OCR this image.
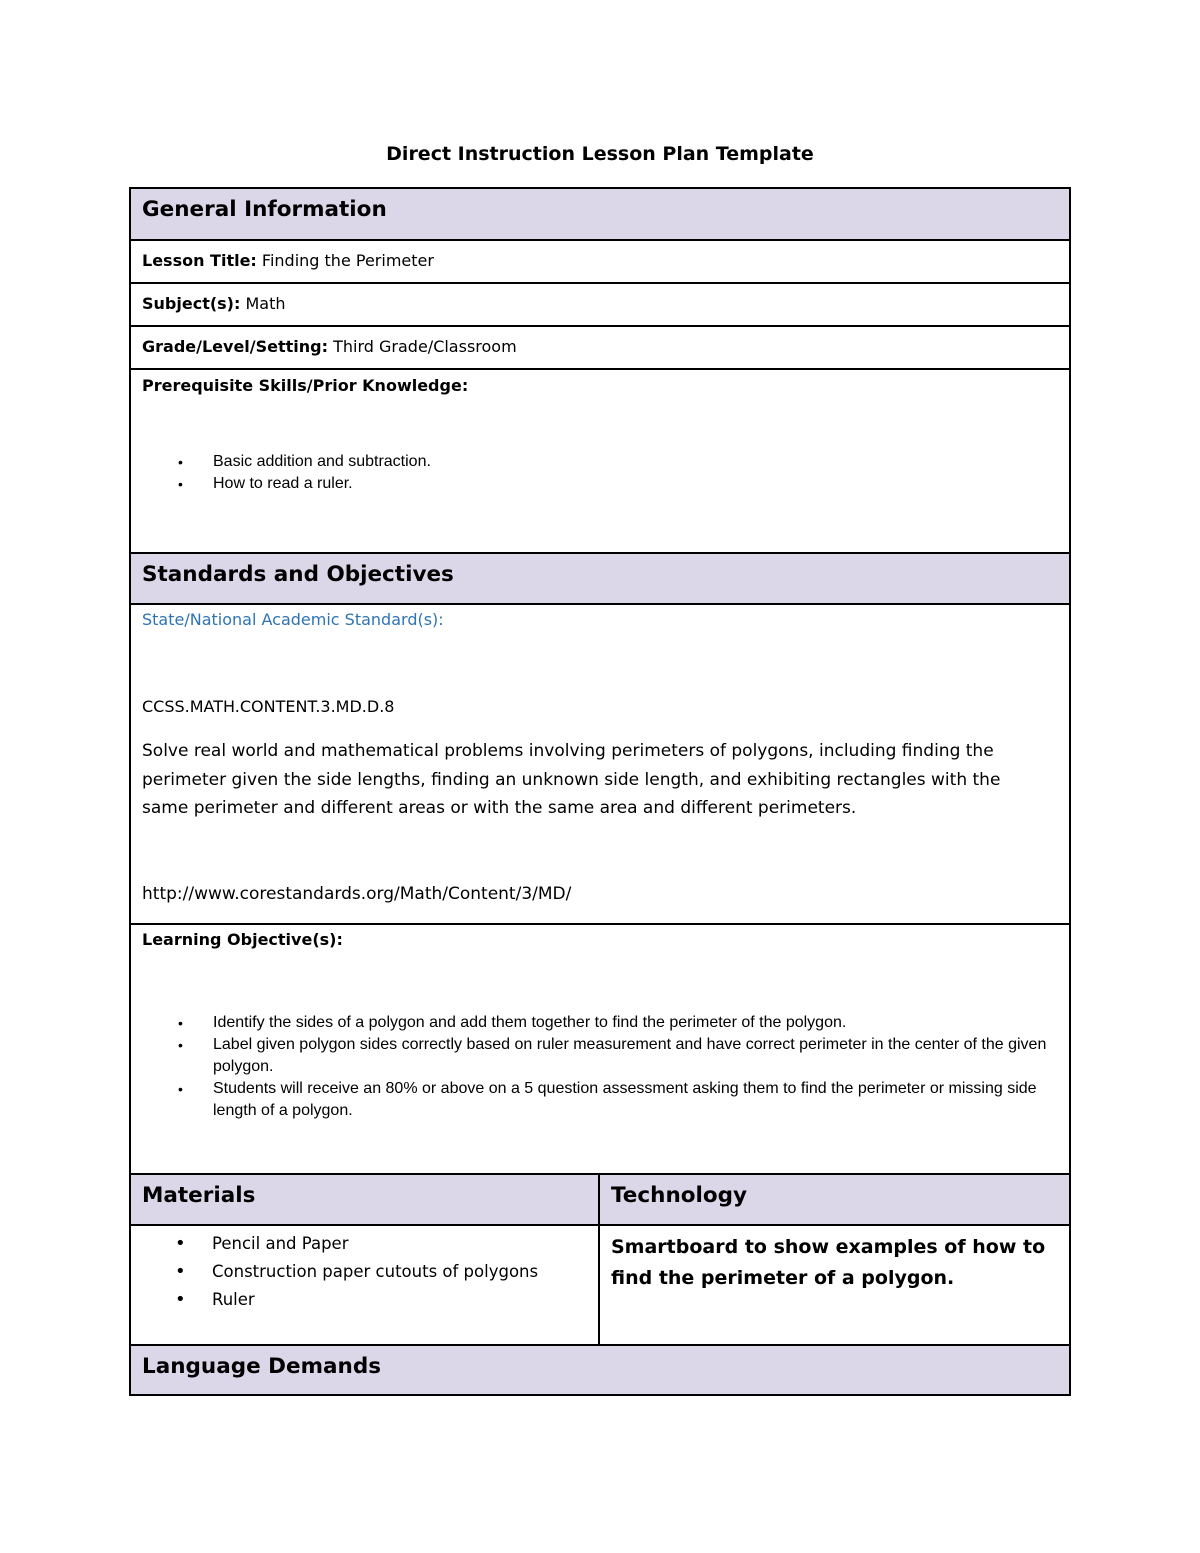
Direct Instruction Lesson Plan Template
General Information
Lesson Title: Finding the Perimeter
Subject(s): Math
Grade/Level/Setting: Third Grade/Classroom
Prerequisite Skills/Prior Knowledge:
• Basic addition and subtraction.
• How to read a ruler.
Standards and Objectives
State/National Academic Standard(s):
CCSS.MATH.CONTENT.3.MD.D.8
Solve real world and mathematical problems involving perimeters of polygons, including finding the perimeter given the side lengths, finding an unknown side length, and exhibiting rectangles with the same perimeter and different areas or with the same area and different perimeters.
http://www.corestandards.org/Math/Content/3/MD/
Learning Objective(s):
• Identify the sides of a polygon and add them together to find the perimeter of the polygon.
• Label given polygon sides correctly based on ruler measurement and have correct perimeter in the center of the given polygon.
• Students will receive an 80% or above on a 5 question assessment asking them to find the perimeter or missing side length of a polygon.
Materials	Technology
• Pencil and Paper
• Construction paper cutouts of polygons
• Ruler
Smartboard to show examples of how to find the perimeter of a polygon.
Language Demands
